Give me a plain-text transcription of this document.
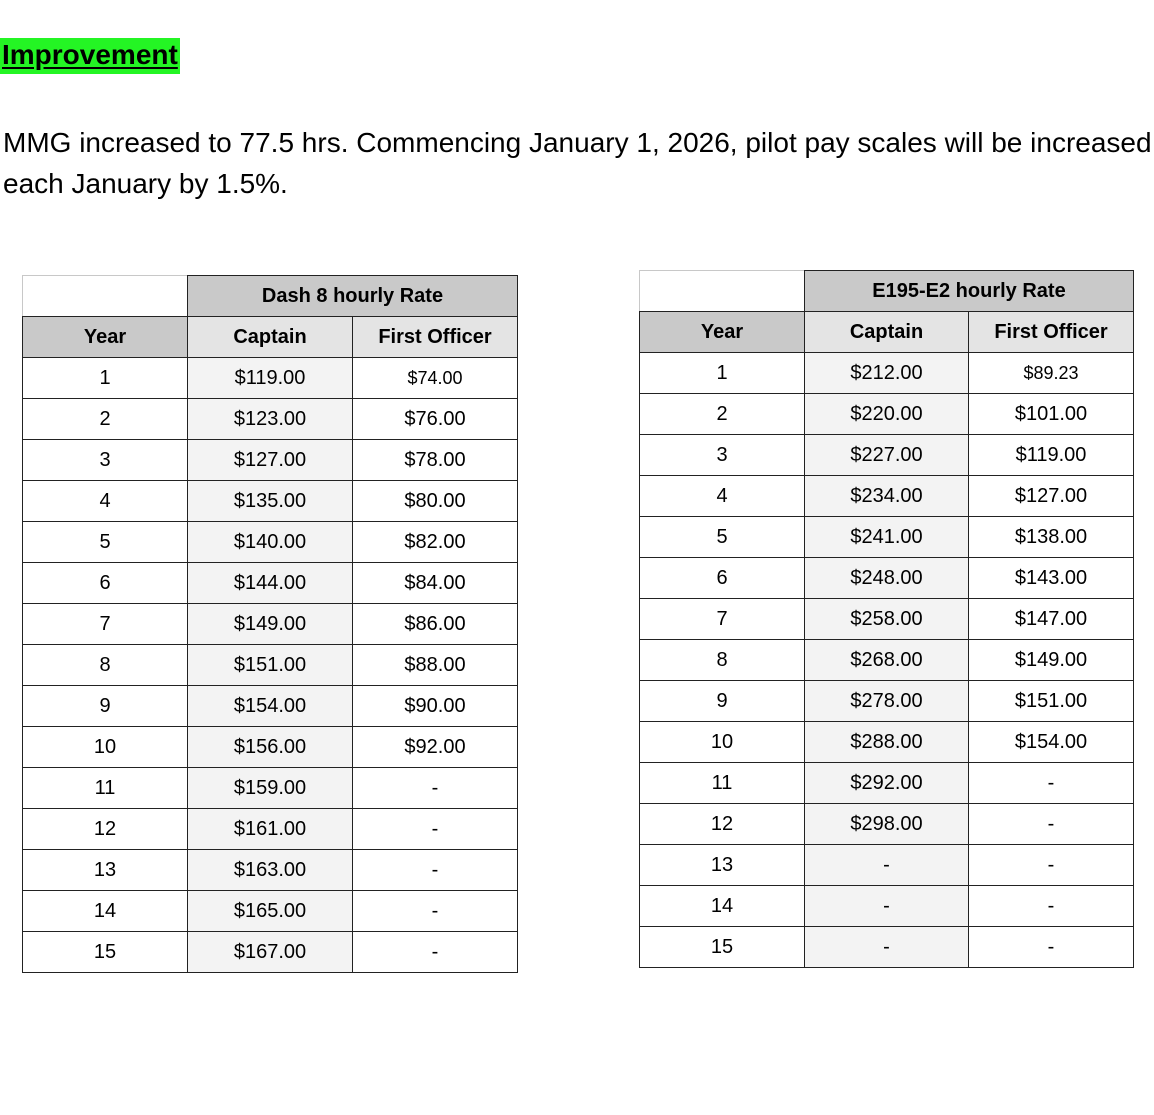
Improvement
MMG increased to 77.5 hrs. Commencing January 1, 2026, pilot pay scales will be increased
each January by 1.5%.
	Dash 8 hourly Rate	
Year	Captain	First Officer
1	$119.00	$74.00
2	$123.00	$76.00
3	$127.00	$78.00
4	$135.00	$80.00
5	$140.00	$82.00
6	$144.00	$84.00
7	$149.00	$86.00
8	$151.00	$88.00
9	$154.00	$90.00
10	$156.00	$92.00
11	$159.00	-
12	$161.00	-
13	$163.00	-
14	$165.00	-
15	$167.00	-
	E195-E2 hourly Rate	
Year	Captain	First Officer
1	$212.00	$89.23
2	$220.00	$101.00
3	$227.00	$119.00
4	$234.00	$127.00
5	$241.00	$138.00
6	$248.00	$143.00
7	$258.00	$147.00
8	$268.00	$149.00
9	$278.00	$151.00
10	$288.00	$154.00
11	$292.00	-
12	$298.00	-
13	-	-
14	-	-
15	-	-
